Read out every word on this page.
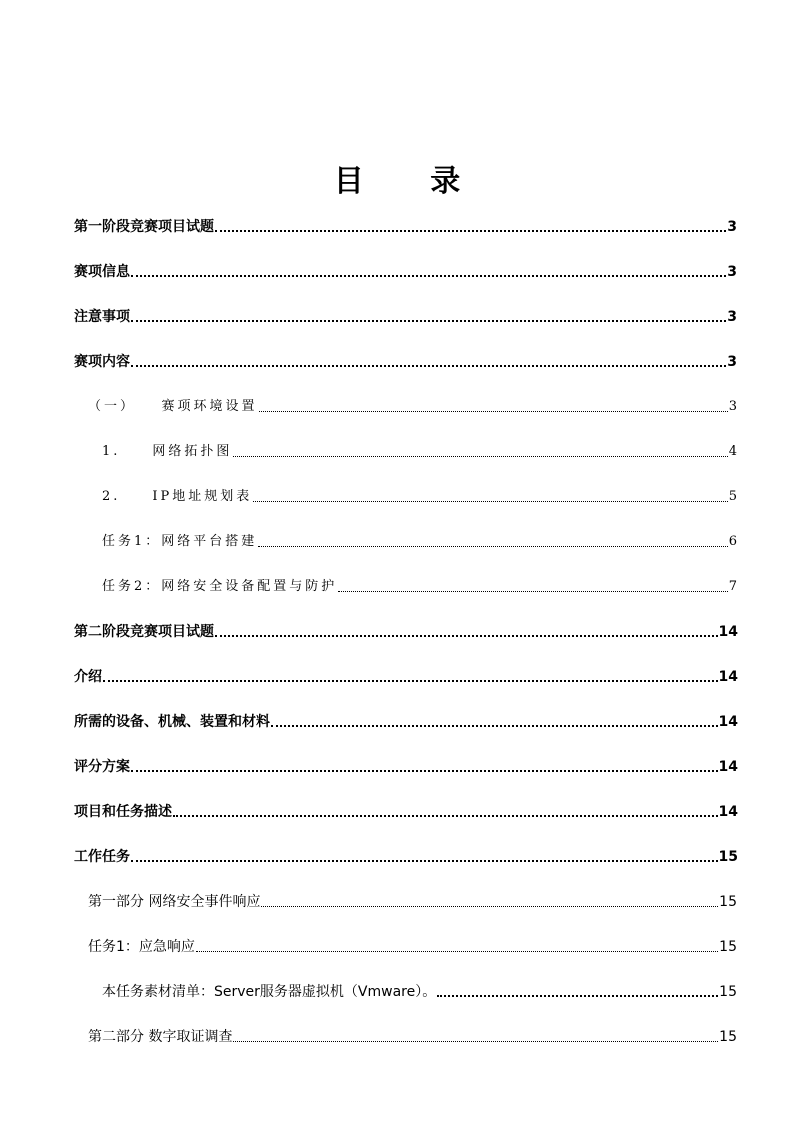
目 录
第一阶段竞赛项目试题	3
赛项信息	3
注意事项	3
赛项内容	3
（一）　　赛项环境设置	3
1.　　网络拓扑图	4
2.　　IP地址规划表	5
任务1：网络平台搭建	6
任务2：网络安全设备配置与防护	7
第二阶段竞赛项目试题	14
介绍	14
所需的设备、机械、装置和材料	14
评分方案	14
项目和任务描述	14
工作任务	15
第一部分 网络安全事件响应	15
任务1：应急响应	15
本任务素材清单：Server服务器虚拟机（Vmware）。	15
第二部分 数字取证调查	15
